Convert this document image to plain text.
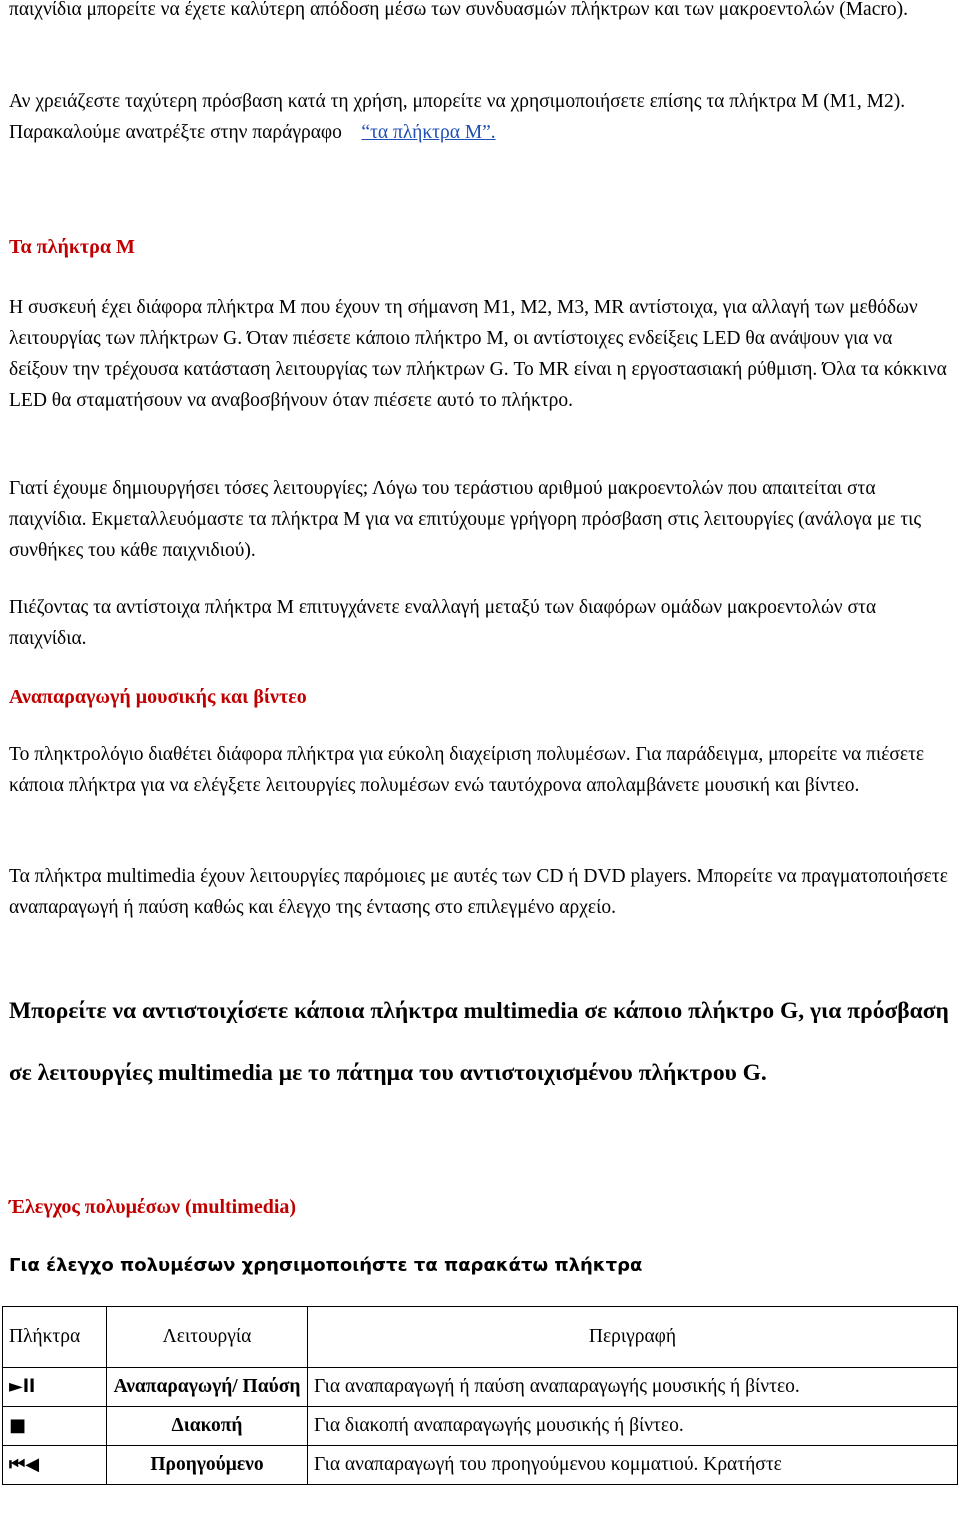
παιχνίδια μπορείτε να έχετε καλύτερη απόδοση μέσω των συνδυασμών πλήκτρων και των μακροεντολών (Macro).

Αν χρειάζεστε ταχύτερη πρόσβαση κατά τη χρήση, μπορείτε να χρησιμοποιήσετε επίσης τα πλήκτρα M (M1, M2). Παρακαλούμε ανατρέξτε στην παράγραφο “τα πλήκτρα M”.

Τα πλήκτρα M

Η συσκευή έχει διάφορα πλήκτρα M που έχουν τη σήμανση M1, M2, M3, MR αντίστοιχα, για αλλαγή των μεθόδων λειτουργίας των πλήκτρων G. Όταν πιέσετε κάποιο πλήκτρο M, οι αντίστοιχες ενδείξεις LED θα ανάψουν για να δείξουν την τρέχουσα κατάσταση λειτουργίας των πλήκτρων G. Το MR είναι η εργοστασιακή ρύθμιση. Όλα τα κόκκινα LED θα σταματήσουν να αναβοσβήνουν όταν πιέσετε αυτό το πλήκτρο.

Γιατί έχουμε δημιουργήσει τόσες λειτουργίες; Λόγω του τεράστιου αριθμού μακροεντολών που απαιτείται στα παιχνίδια. Εκμεταλλευόμαστε τα πλήκτρα M για να επιτύχουμε γρήγορη πρόσβαση στις λειτουργίες (ανάλογα με τις συνθήκες του κάθε παιχνιδιού).

Πιέζοντας τα αντίστοιχα πλήκτρα M επιτυγχάνετε εναλλαγή μεταξύ των διαφόρων ομάδων μακροεντολών στα παιχνίδια.

Αναπαραγωγή μουσικής και βίντεο

Το πληκτρολόγιο διαθέτει διάφορα πλήκτρα για εύκολη διαχείριση πολυμέσων. Για παράδειγμα, μπορείτε να πιέσετε κάποια πλήκτρα για να ελέγξετε λειτουργίες πολυμέσων ενώ ταυτόχρονα απολαμβάνετε μουσική και βίντεο.

Τα πλήκτρα multimedia έχουν λειτουργίες παρόμοιες με αυτές των CD ή DVD players. Μπορείτε να πραγματοποιήσετε αναπαραγωγή ή παύση καθώς και έλεγχο της έντασης στο επιλεγμένο αρχείο.

Μπορείτε να αντιστοιχίσετε κάποια πλήκτρα multimedia σε κάποιο πλήκτρο G, για πρόσβαση σε λειτουργίες multimedia με το πάτημα του αντιστοιχισμένου πλήκτρου G.

Έλεγχος πολυμέσων (multimedia)

Για έλεγχο πολυμέσων χρησιμοποιήστε τα παρακάτω πλήκτρα

Πλήκτρα	Λειτουργία	Περιγραφή
►ll	Αναπαραγωγή/ Παύση	Για αναπαραγωγή ή παύση αναπαραγωγής μουσικής ή βίντεο.
■	Διακοπή	Για διακοπή αναπαραγωγής μουσικής ή βίντεο.
⏮◀	Προηγούμενο	Για αναπαραγωγή του προηγούμενου κομματιού. Κρατήστε
